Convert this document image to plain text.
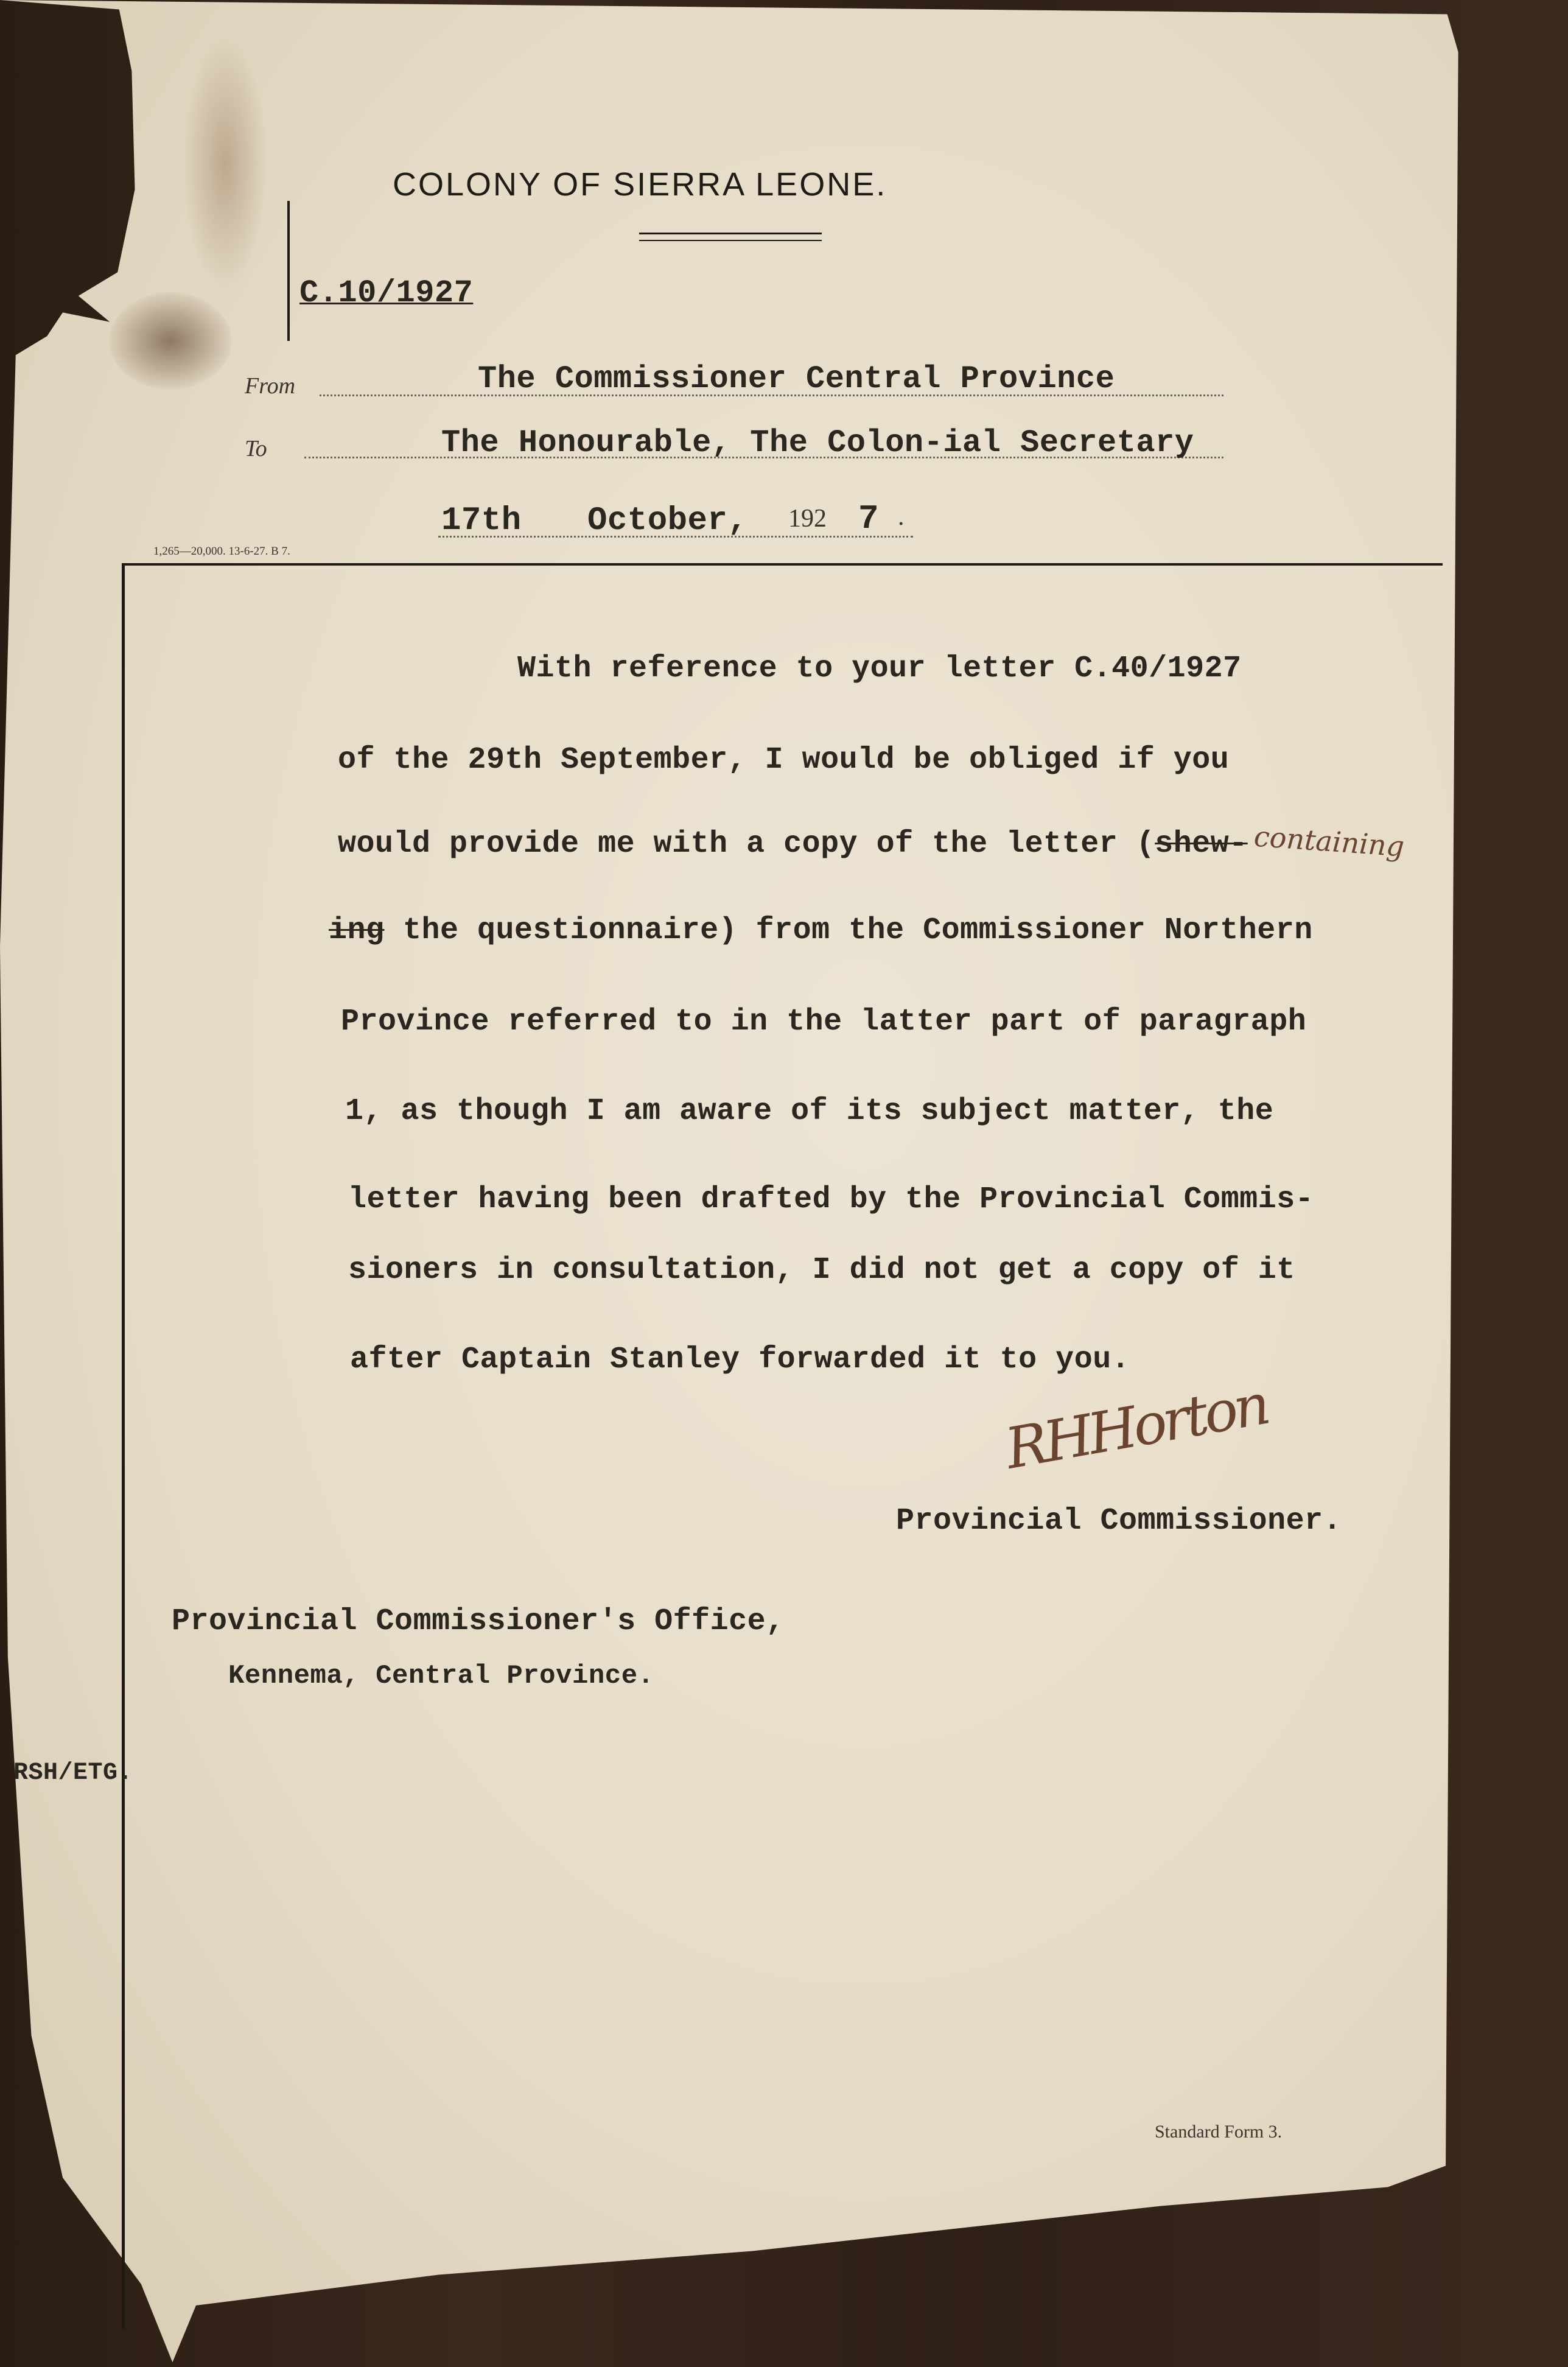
COLONY OF SIERRA LEONE.
C.10/1927
From	The Commissioner Central Province
To	The Honourable, The Colon-ial Secretary
17th October, 192 7 .
1,265—20,000. 13-6-27. B 7.
With reference to your letter C.40/1927
of the 29th September, I would be obliged if you
would provide me with a copy of the letter (shew- containing
ing the questionnaire) from the Commissioner Northern
Province referred to in the latter part of paragraph
1, as though I am aware of its subject matter, the
letter having been drafted by the Provincial Commis-
sioners in consultation, I did not get a copy of it
after Captain Stanley forwarded it to you.
RHHorton
Provincial Commissioner.
Provincial Commissioner's Office,
Kennema, Central Province.
RSH/ETG.
Standard Form 3.
